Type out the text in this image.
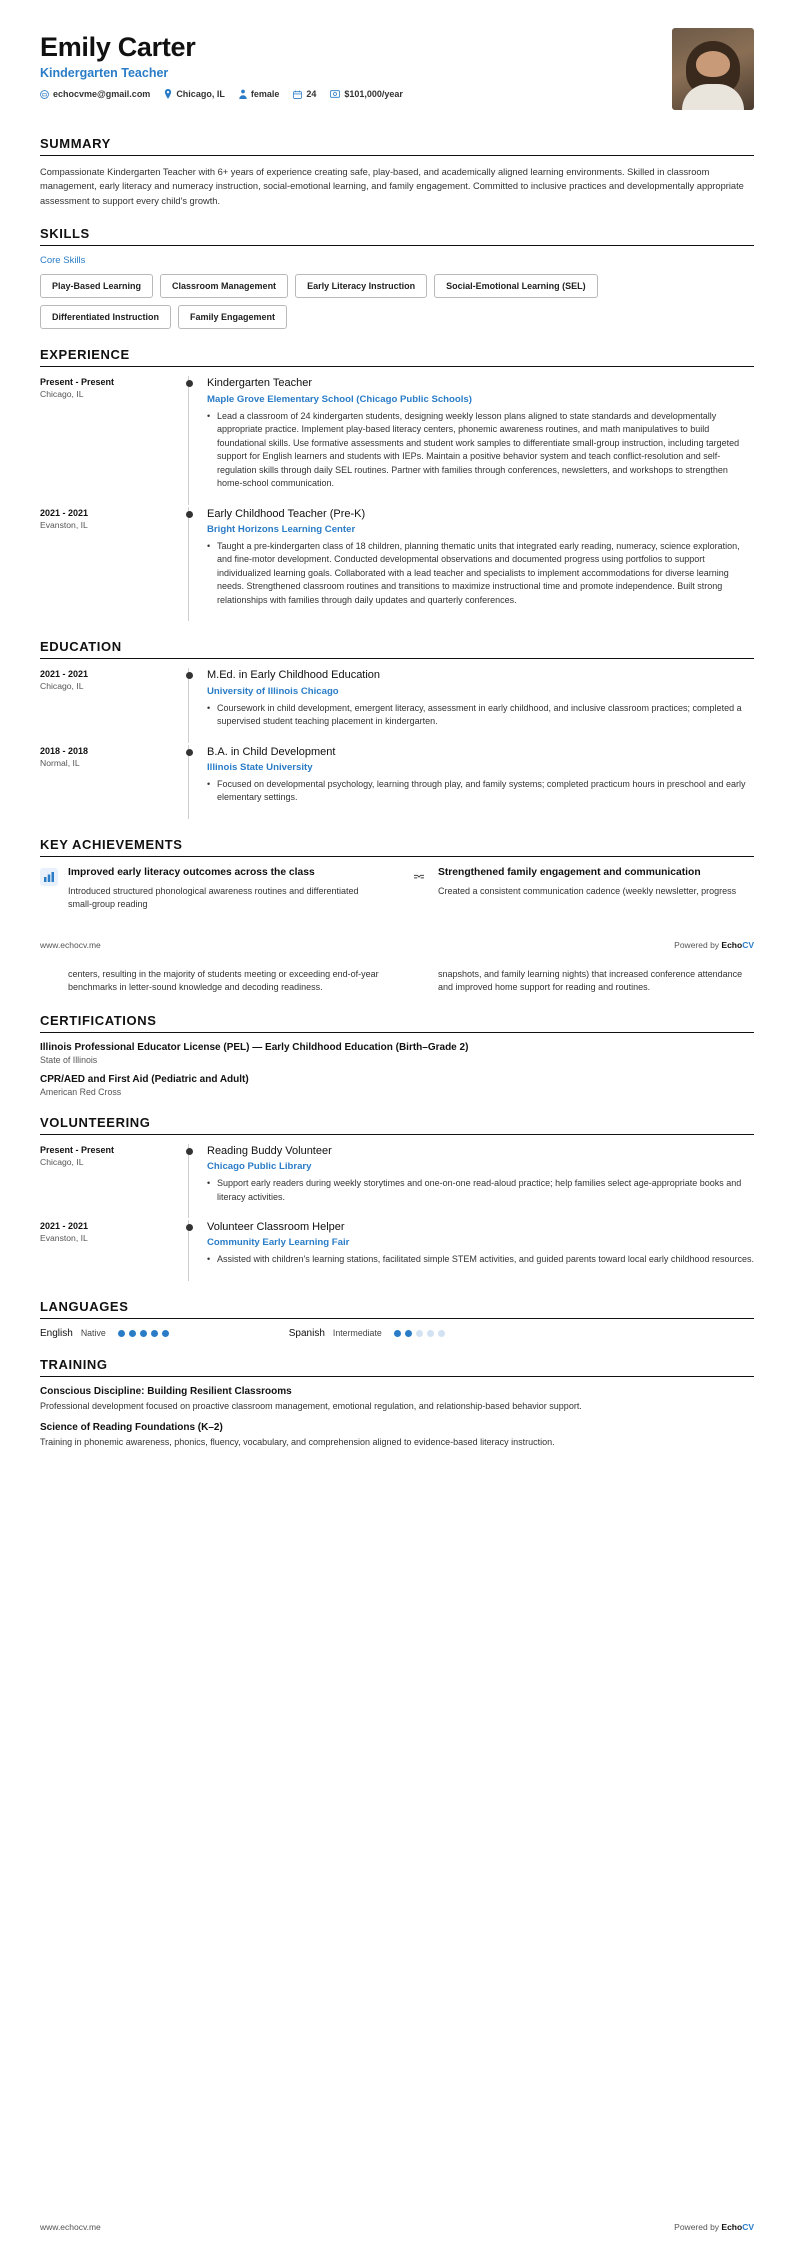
Emily Carter
Kindergarten Teacher
echocvme@gmail.com	Chicago, IL	female	24	$101,000/year
SUMMARY
Compassionate Kindergarten Teacher with 6+ years of experience creating safe, play-based, and academically aligned learning environments. Skilled in classroom management, early literacy and numeracy instruction, social-emotional learning, and family engagement. Committed to inclusive practices and developmentally appropriate assessment to support every child's growth.
SKILLS
Core Skills
Play-Based Learning	Classroom Management	Early Literacy Instruction	Social-Emotional Learning (SEL)
Differentiated Instruction	Family Engagement
EXPERIENCE
Present - Present
Chicago, IL
Kindergarten Teacher
Maple Grove Elementary School (Chicago Public Schools)
• Lead a classroom of 24 kindergarten students, designing weekly lesson plans aligned to state standards and developmentally appropriate practice. Implement play-based literacy centers, phonemic awareness routines, and math manipulatives to build foundational skills. Use formative assessments and student work samples to differentiate small-group instruction, including targeted support for English learners and students with IEPs. Maintain a positive behavior system and teach conflict-resolution and self-regulation skills through daily SEL routines. Partner with families through conferences, newsletters, and workshops to strengthen home-school communication.
2021 - 2021
Evanston, IL
Early Childhood Teacher (Pre-K)
Bright Horizons Learning Center
• Taught a pre-kindergarten class of 18 children, planning thematic units that integrated early reading, numeracy, science exploration, and fine-motor development. Conducted developmental observations and documented progress using portfolios to support individualized learning goals. Collaborated with a lead teacher and specialists to implement accommodations for diverse learning needs. Strengthened classroom routines and transitions to maximize instructional time and promote independence. Built strong relationships with families through daily updates and quarterly conferences.
EDUCATION
2021 - 2021
Chicago, IL
M.Ed. in Early Childhood Education
University of Illinois Chicago
• Coursework in child development, emergent literacy, assessment in early childhood, and inclusive classroom practices; completed a supervised student teaching placement in kindergarten.
2018 - 2018
Normal, IL
B.A. in Child Development
Illinois State University
• Focused on developmental psychology, learning through play, and family systems; completed practicum hours in preschool and early elementary settings.
KEY ACHIEVEMENTS
Improved early literacy outcomes across the class
Introduced structured phonological awareness routines and differentiated small-group reading
Strengthened family engagement and communication
Created a consistent communication cadence (weekly newsletter, progress
www.echocv.me	Powered by EchoCV
centers, resulting in the majority of students meeting or exceeding end-of-year benchmarks in letter-sound knowledge and decoding readiness.
snapshots, and family learning nights) that increased conference attendance and improved home support for reading and routines.
CERTIFICATIONS
Illinois Professional Educator License (PEL) — Early Childhood Education (Birth–Grade 2)
State of Illinois
CPR/AED and First Aid (Pediatric and Adult)
American Red Cross
VOLUNTEERING
Present - Present
Chicago, IL
Reading Buddy Volunteer
Chicago Public Library
• Support early readers during weekly storytimes and one-on-one read-aloud practice; help families select age-appropriate books and literacy activities.
2021 - 2021
Evanston, IL
Volunteer Classroom Helper
Community Early Learning Fair
• Assisted with children's learning stations, facilitated simple STEM activities, and guided parents toward local early childhood resources.
LANGUAGES
English Native	Spanish Intermediate
TRAINING
Conscious Discipline: Building Resilient Classrooms
Professional development focused on proactive classroom management, emotional regulation, and relationship-based behavior support.
Science of Reading Foundations (K–2)
Training in phonemic awareness, phonics, fluency, vocabulary, and comprehension aligned to evidence-based literacy instruction.
www.echocv.me	Powered by EchoCV
